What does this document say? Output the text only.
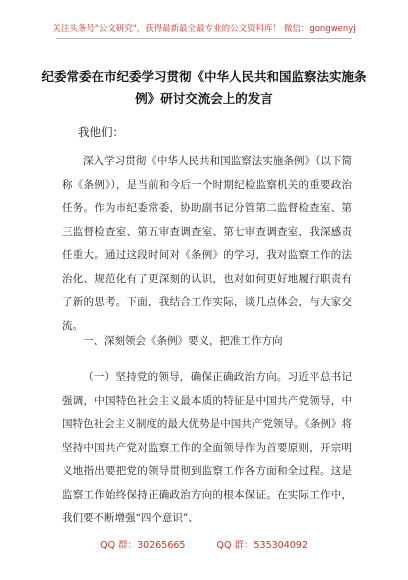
关注头条号"公文研究"，获得最新最全最专业的公文资料库！ 微信：gongwenyj
纪委常委在市纪委学习贯彻《中华人民共和国监察法实施条例》研讨交流会上的发言
我他们：
深入学习贯彻《中华人民共和国监察法实施条例》（以下简称《条例》），是当前和今后一个时期纪检监察机关的重要政治任务。作为市纪委常委，协助副书记分管第二监督检查室、第三监督检查室、第五审查调查室、第七审查调查室，我深感责任重大。通过这段时间对《条例》的学习，我对监察工作的法治化、规范化有了更深刻的认识，也对如何更好地履行职责有了新的思考。下面，我结合工作实际，谈几点体会，与大家交流。
一、深刻领会《条例》要义，把准工作方向
（一）坚持党的领导，确保正确政治方向。习近平总书记强调，中国特色社会主义最本质的特征是中国共产党领导，中国特色社会主义制度的最大优势是中国共产党领导。《条例》将坚持中国共产党对监察工作的全面领导作为首要原则，开宗明义地指出要把党的领导贯彻到监察工作各方面和全过程。这是监察工作始终保持正确政治方向的根本保证。在实际工作中，我们要不断增强“四个意识”、
QQ 群：30265665	QQ 群：535304092
